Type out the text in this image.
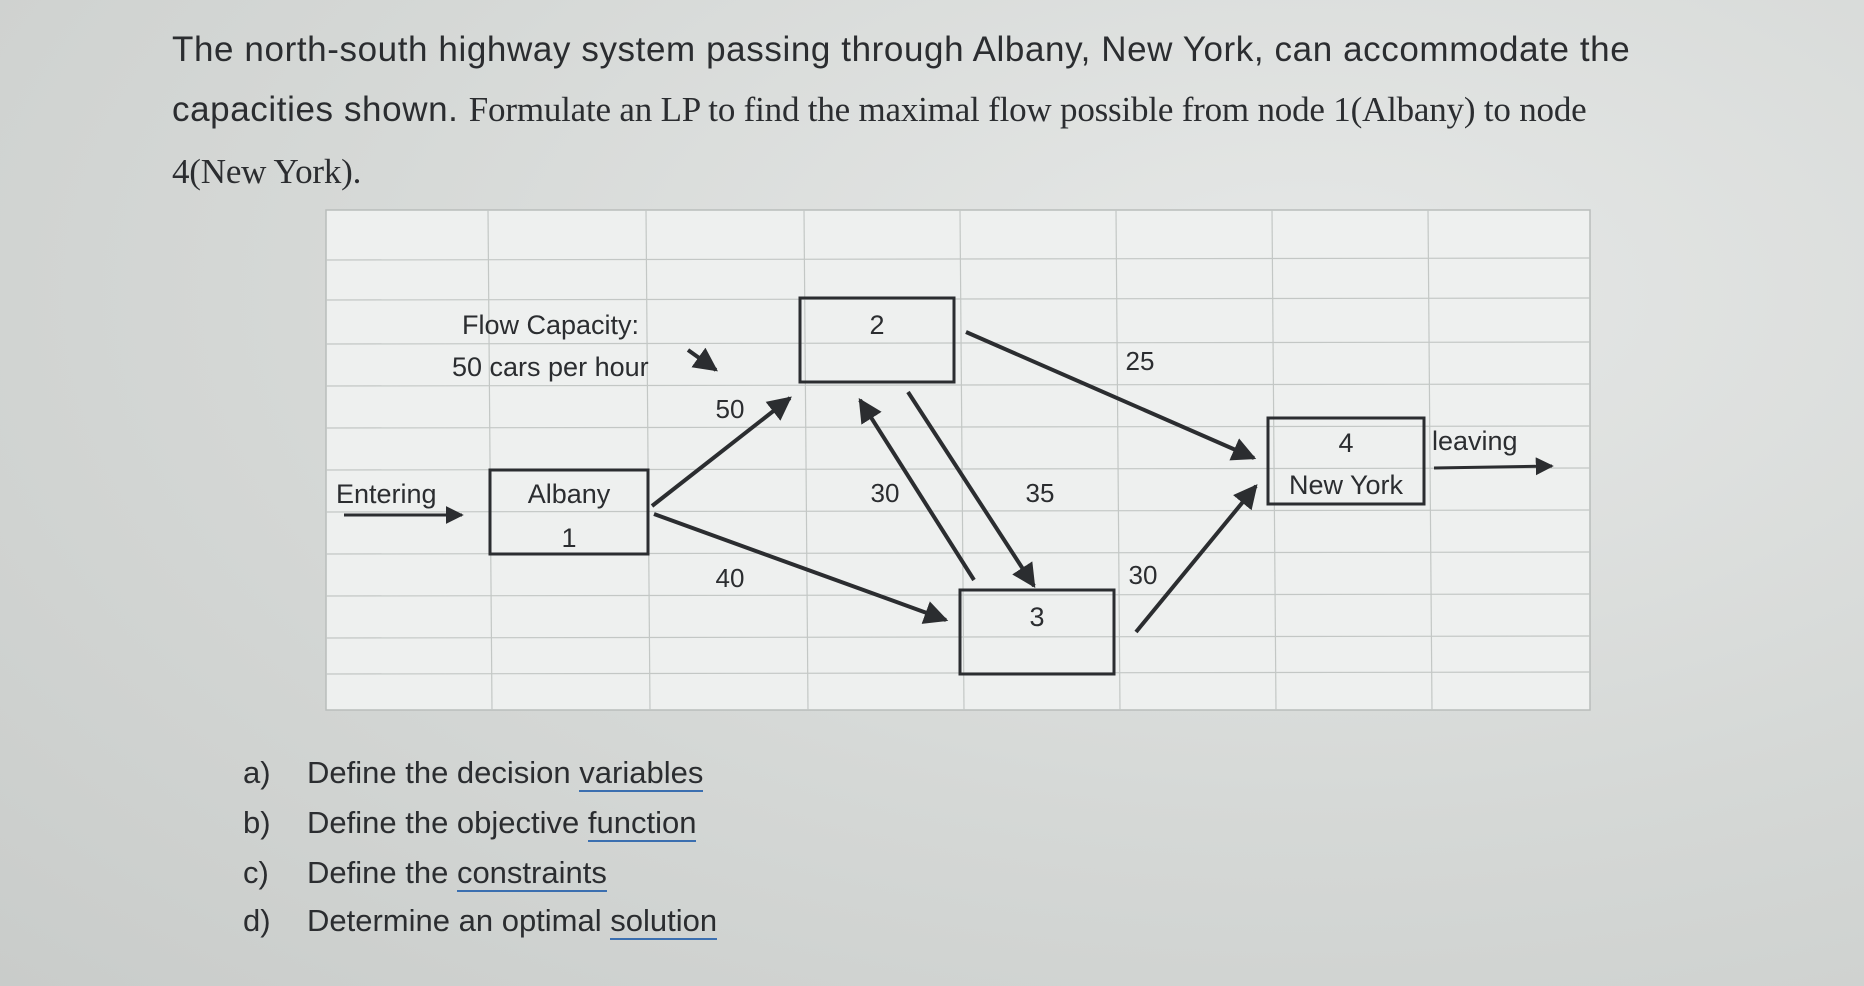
The north-south highway system passing through Albany, New York, can accommodate the
capacities shown. Formulate an LP to find the maximal flow possible from node 1(Albany) to node
4(New York).
Flow Capacity:
50 cars per hour
Entering	Albany
1
2
3
4
New York
leaving
50
40
30	35
25
30
a) Define the decision variables
b) Define the objective function
c) Define the constraints
d) Determine an optimal solution
